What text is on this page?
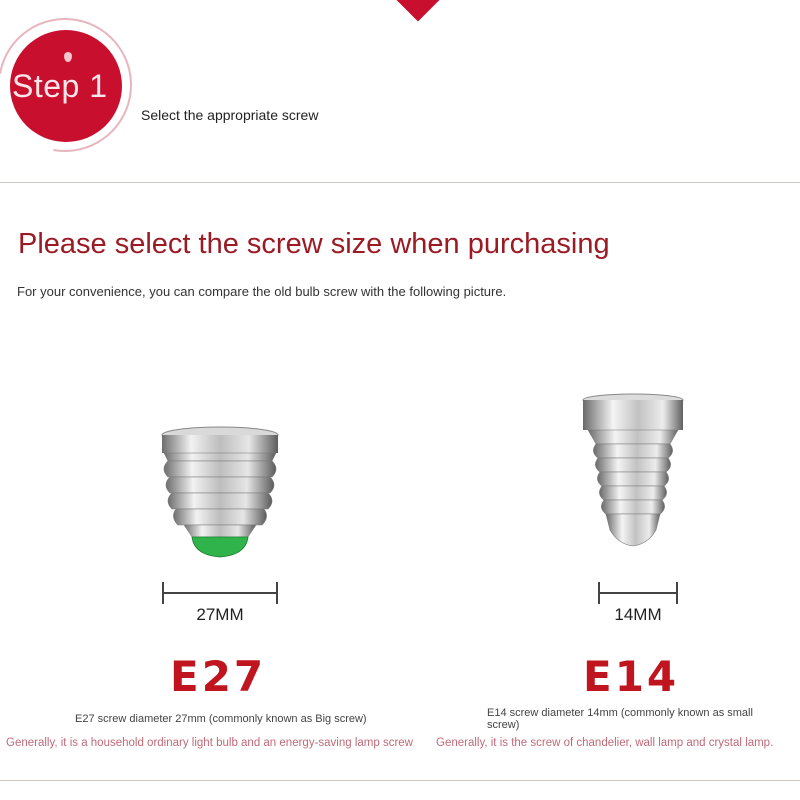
Step 1
Select the appropriate screw
Please select the screw size when purchasing
For your convenience, you can compare the old bulb screw with the following picture.
27MM
E27
E27 screw diameter 27mm (commonly known as Big screw)
Generally, it is a household ordinary light bulb and an energy-saving lamp screw
14MM
E14
E14 screw diameter 14mm (commonly known as small screw)
Generally, it is the screw of chandelier, wall lamp and crystal lamp.
